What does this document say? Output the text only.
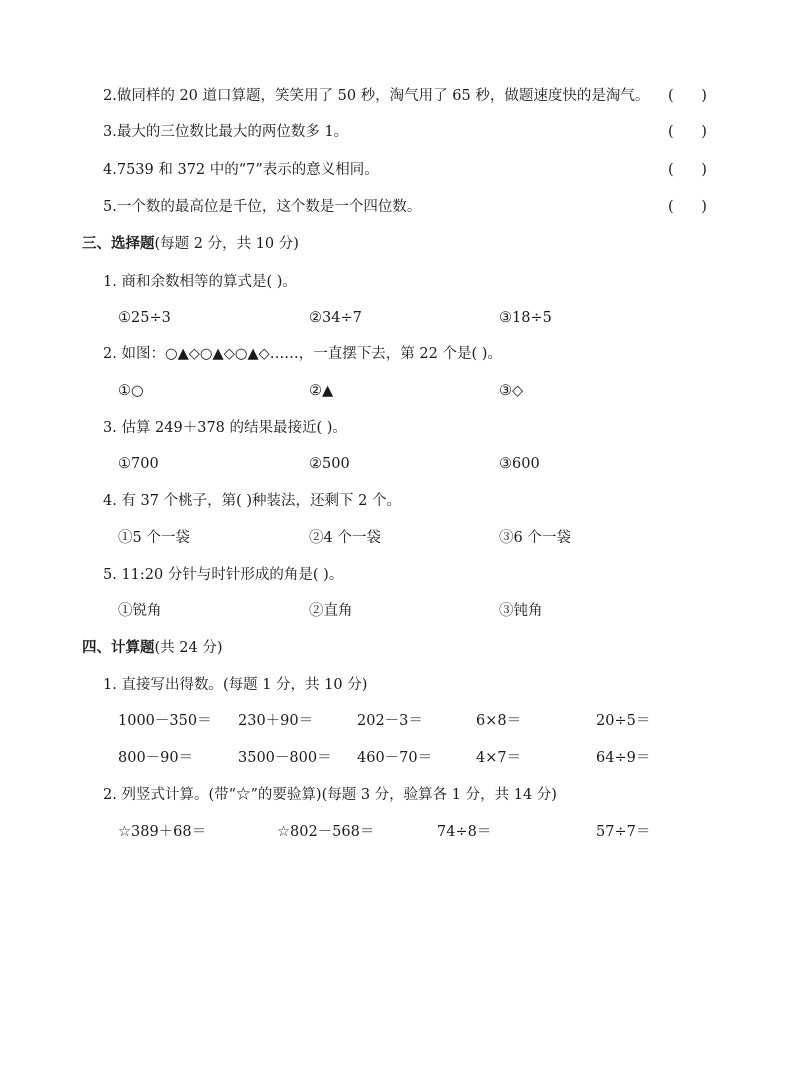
2.做同样的 20 道口算题，笑笑用了 50 秒，淘气用了 65 秒，做题速度快的是淘气。 (      )
3.最大的三位数比最大的两位数多 1。	(      )
4.7539 和 372 中的“7”表示的意义相同。	(      )
5.一个数的最高位是千位，这个数是一个四位数。	(      )
三、选择题(每题 2 分，共 10 分)
1. 商和余数相等的算式是( )。
①25÷3	②34÷7	③18÷5
2. 如图：○▲◇○▲◇○▲◇……，一直摆下去，第 22 个是( )。
①○	②▲	③◇
3. 估算 249＋378 的结果最接近( )。
①700	②500	③600
4. 有 37 个桃子，第( )种装法，还剩下 2 个。
①5 个一袋	②4 个一袋	③6 个一袋
5. 11:20 分针与时针形成的角是( )。
①锐角	②直角	③钝角
四、计算题(共 24 分)
1. 直接写出得数。(每题 1 分，共 10 分)
1000－350＝ 230＋90＝	202－3＝	6×8＝	20÷5＝
800－90＝	3500－800＝ 460－70＝	4×7＝	64÷9＝
2. 列竖式计算。(带“☆”的要验算)(每题 3 分，验算各 1 分，共 14 分)
☆389＋68＝	☆802－568＝	74÷8＝	57÷7＝
